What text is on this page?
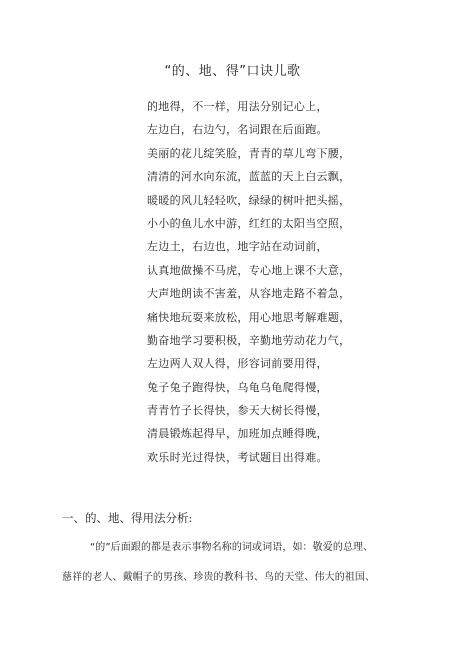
“的、地、得”口诀儿歌
的地得，不一样，用法分别记心上，
左边白，右边勺，名词跟在后面跑。
美丽的花儿绽笑脸，青青的草儿弯下腰，
清清的河水向东流，蓝蓝的天上白云飘，
暖暖的风儿轻轻吹，绿绿的树叶把头摇，
小小的鱼儿水中游，红红的太阳当空照，
左边土，右边也，地字站在动词前，
认真地做操不马虎，专心地上课不大意，
大声地朗读不害羞，从容地走路不着急，
痛快地玩耍来放松，用心地思考解难题，
勤奋地学习要积极，辛勤地劳动花力气，
左边两人双人得，形容词前要用得，
兔子兔子跑得快，乌龟乌龟爬得慢，
青青竹子长得快，参天大树长得慢，
清晨锻炼起得早，加班加点睡得晚，
欢乐时光过得快，考试题目出得难。
一、的、地、得用法分析:
“的”后面跟的都是表示事物名称的词或词语，如：敬爱的总理、
慈祥的老人、戴帽子的男孩、珍贵的教科书、鸟的天堂、伟大的祖国、
